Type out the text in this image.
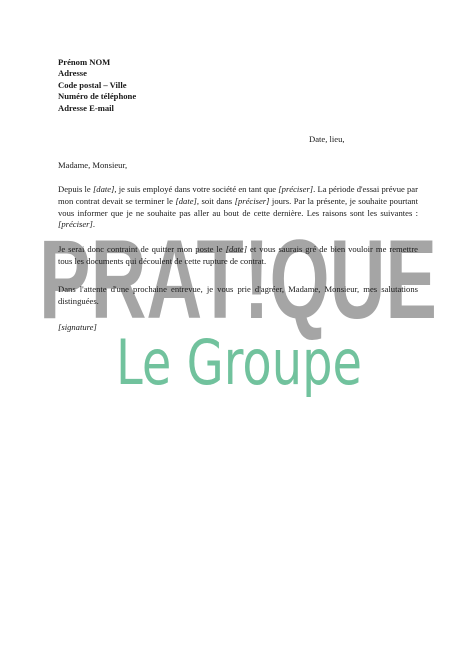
Prénom NOM
Adresse
Code postal – Ville
Numéro de téléphone
Adresse E-mail
Date, lieu,
Madame, Monsieur,
Depuis le [date], je suis employé dans votre société en tant que [préciser]. La période d'essai prévue par mon contrat devait se terminer le [date], soit dans [préciser] jours. Par la présente, je souhaite pourtant vous informer que je ne souhaite pas aller au bout de cette dernière. Les raisons sont les suivantes : [préciser].
Je serai donc contraint de quitter mon poste le [date] et vous saurais gré de bien vouloir me remettre tous les documents qui découlent de cette rupture de contrat.
Dans l'attente d'une prochaine entrevue, je vous prie d'agréer, Madame, Monsieur, mes salutations distinguées.
[signature]
PRAT!QUE
Le Groupe
